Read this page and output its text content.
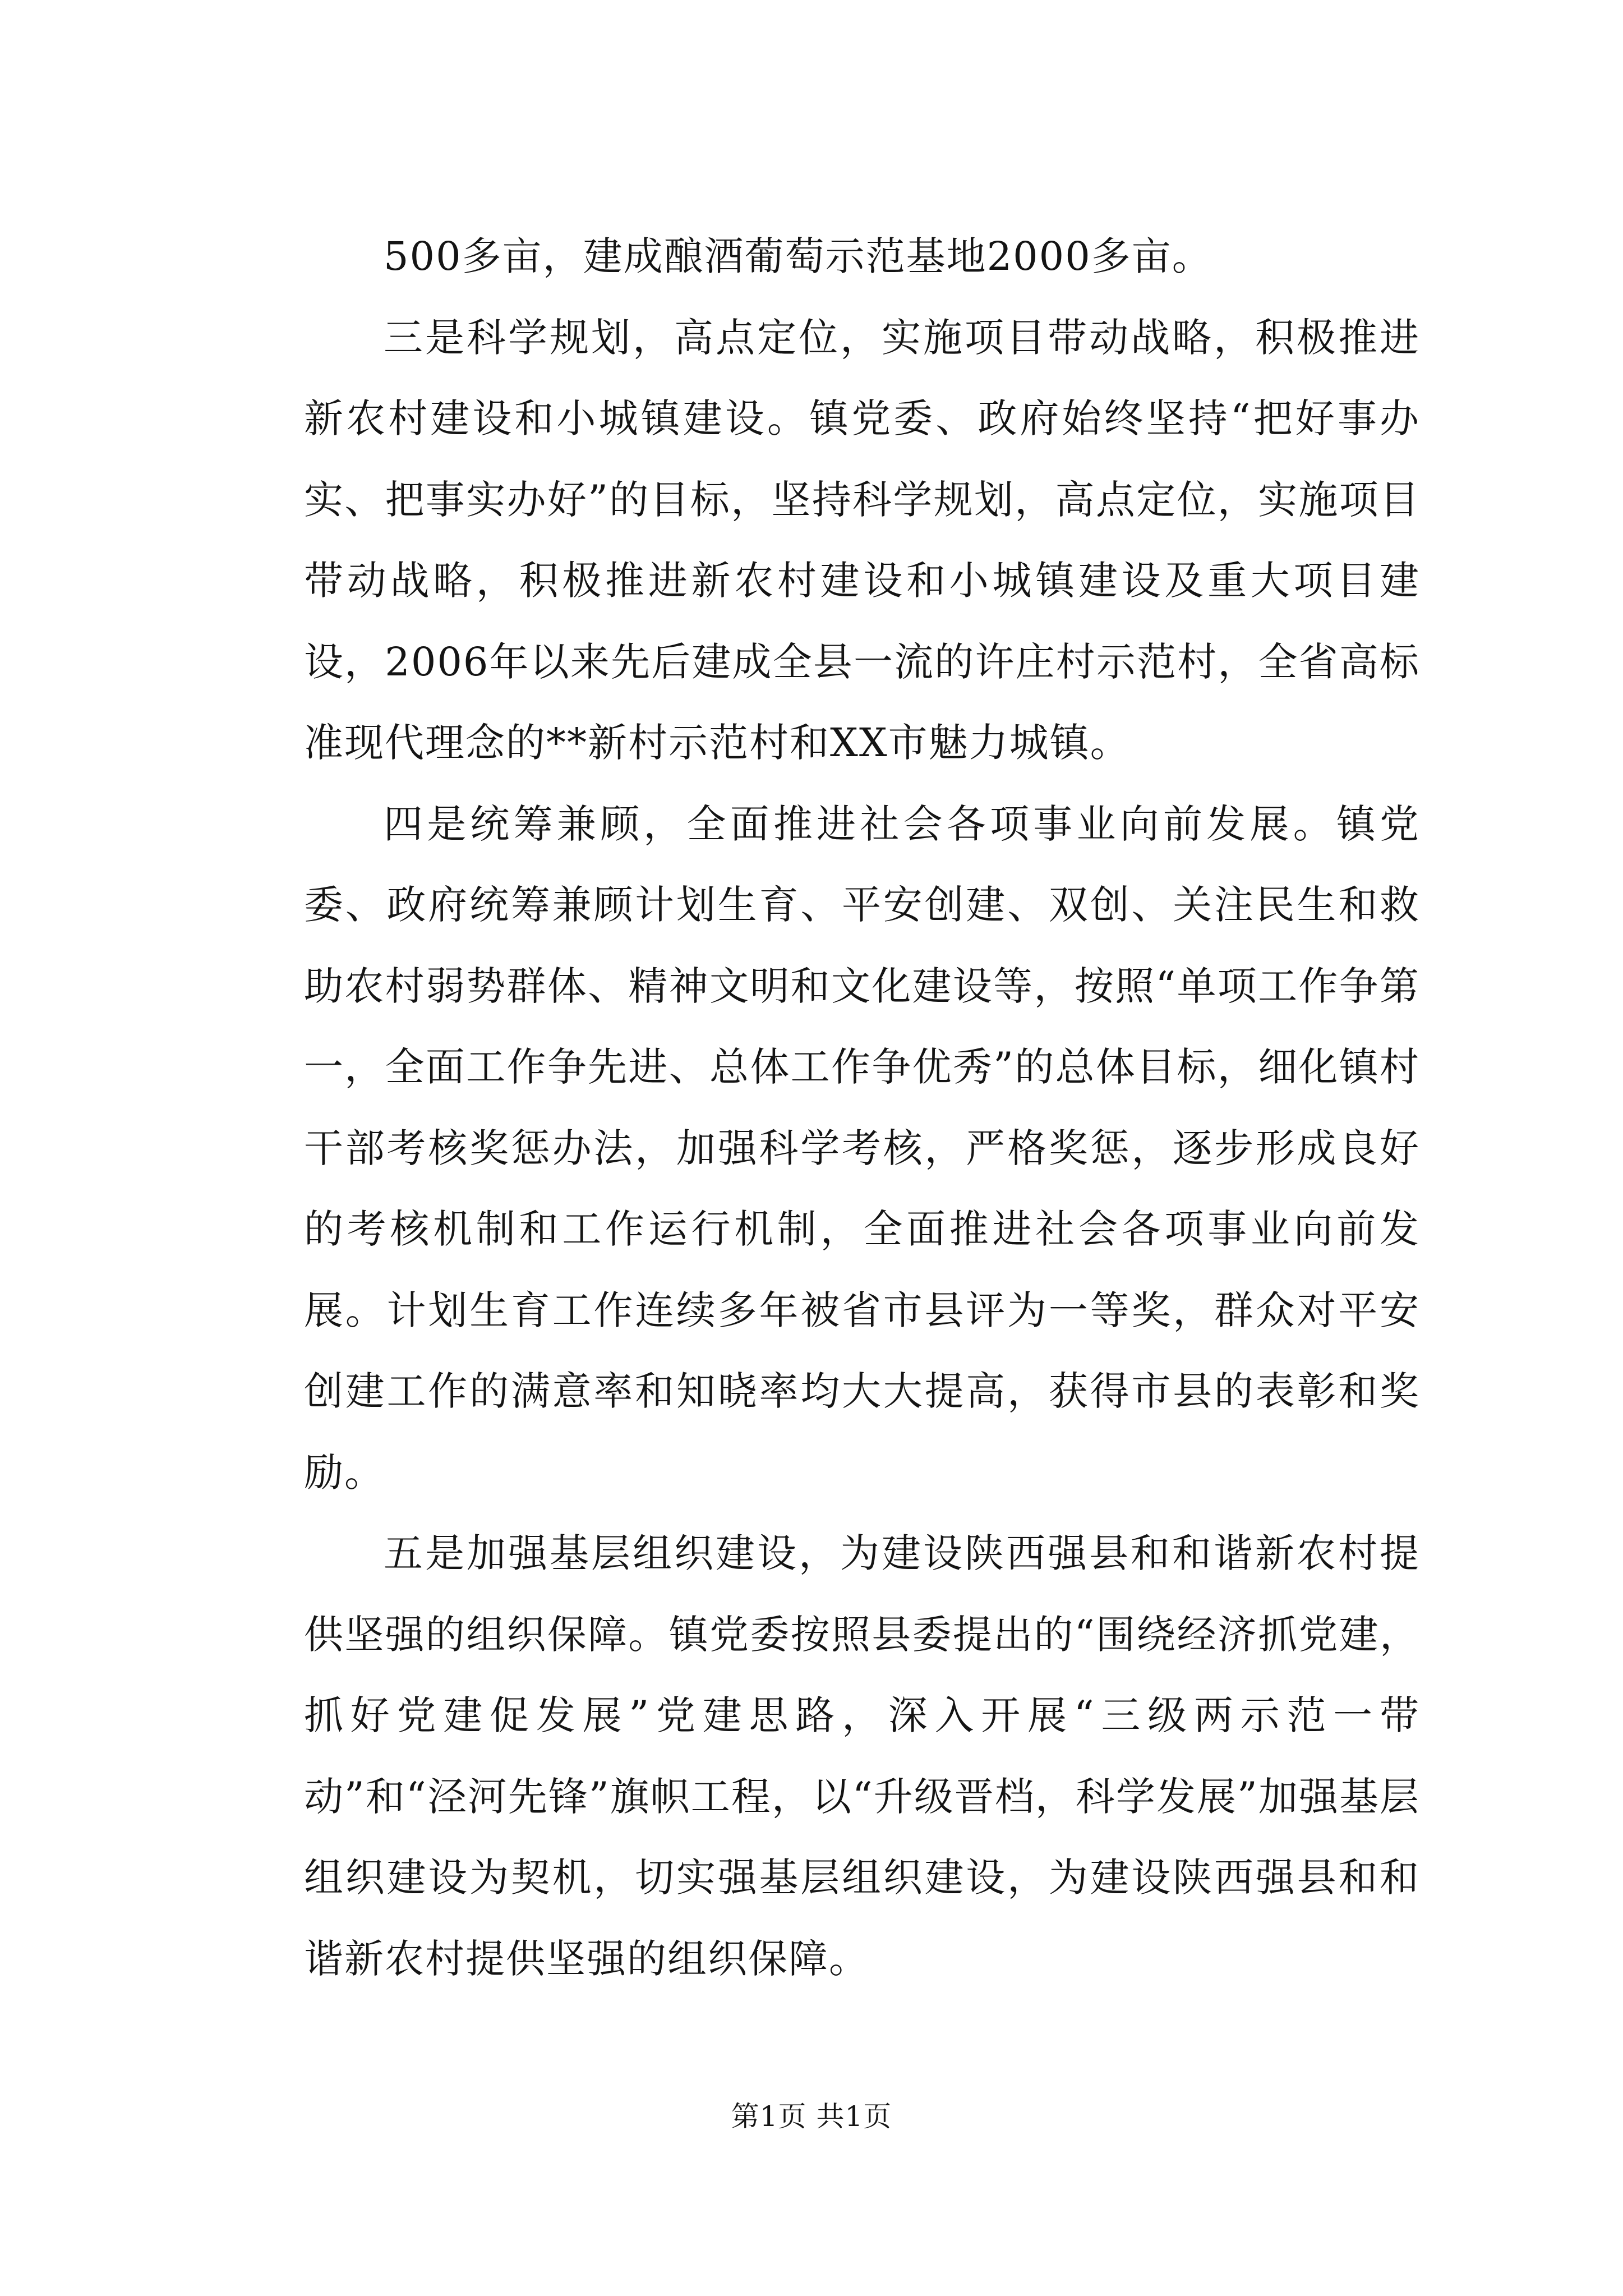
500多亩，建成酿酒葡萄示范基地2000多亩。

三是科学规划，高点定位，实施项目带动战略，积极推进新农村建设和小城镇建设。镇党委、政府始终坚持“把好事办实、把事实办好”的目标，坚持科学规划，高点定位，实施项目带动战略，积极推进新农村建设和小城镇建设及重大项目建设，2006年以来先后建成全县一流的许庄村示范村，全省高标准现代理念的**新村示范村和XX市魅力城镇。

四是统筹兼顾，全面推进社会各项事业向前发展。镇党委、政府统筹兼顾计划生育、平安创建、双创、关注民生和救助农村弱势群体、精神文明和文化建设等，按照“单项工作争第一，全面工作争先进、总体工作争优秀”的总体目标，细化镇村干部考核奖惩办法，加强科学考核，严格奖惩，逐步形成良好的考核机制和工作运行机制，全面推进社会各项事业向前发展。计划生育工作连续多年被省市县评为一等奖，群众对平安创建工作的满意率和知晓率均大大提高，获得市县的表彰和奖励。

五是加强基层组织建设，为建设陕西强县和和谐新农村提供坚强的组织保障。镇党委按照县委提出的“围绕经济抓党建，抓好党建促发展”党建思路，深入开展“三级两示范一带动”和“泾河先锋”旗帜工程，以“升级晋档，科学发展”加强基层组织建设为契机，切实强基层组织建设，为建设陕西强县和和谐新农村提供坚强的组织保障。

第1页 共1页
